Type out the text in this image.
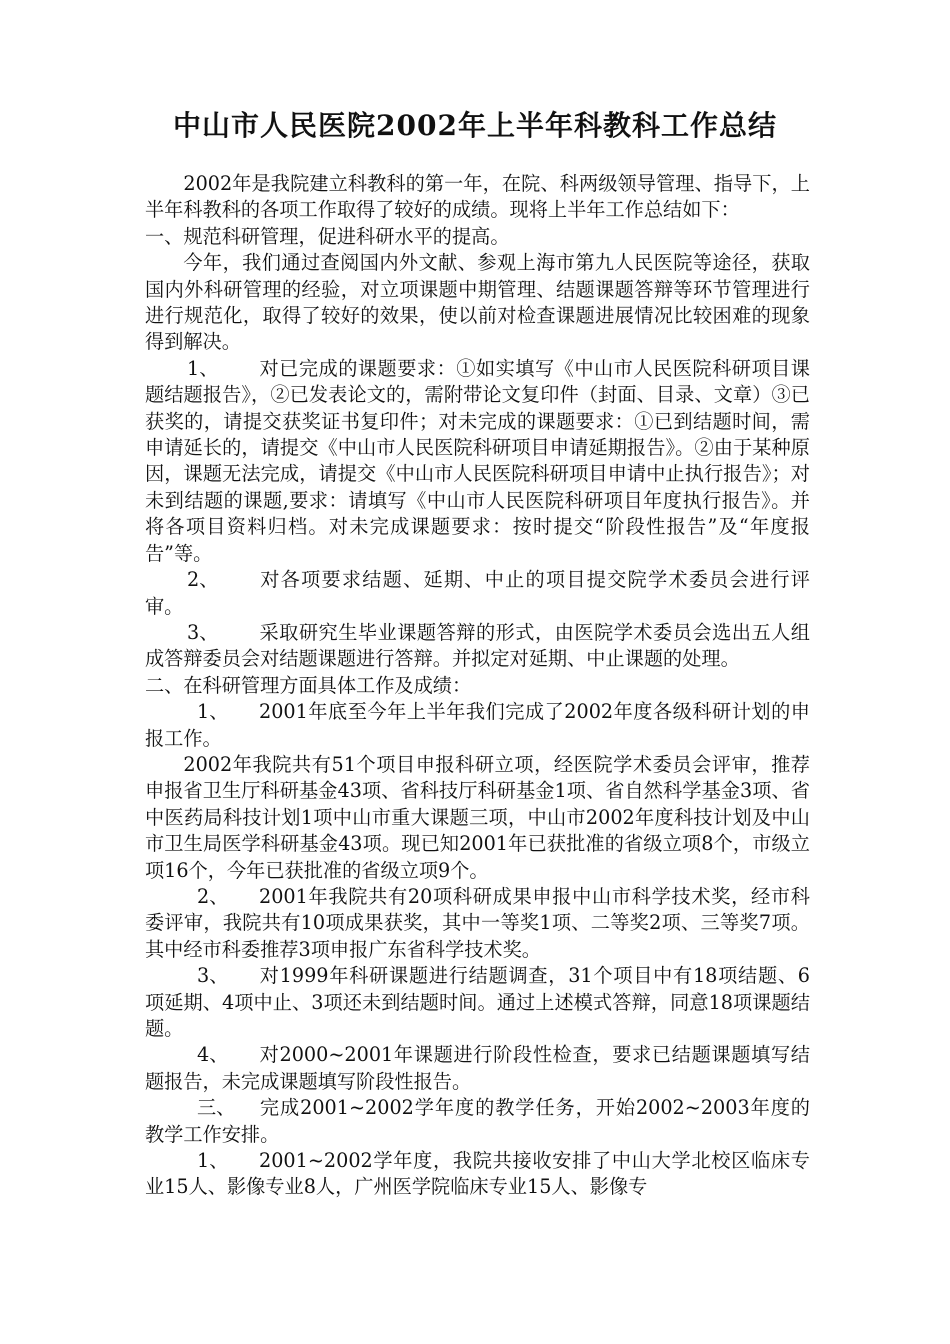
中山市人民医院2002年上半年科教科工作总结

2002年是我院建立科教科的第一年，在院、科两级领导管理、指导下，上半年科教科的各项工作取得了较好的成绩。现将上半年工作总结如下：

一、规范科研管理，促进科研水平的提高。

今年，我们通过查阅国内外文献、参观上海市第九人民医院等途径，获取国内外科研管理的经验，对立项课题中期管理、结题课题答辩等环节管理进行进行规范化，取得了较好的效果，使以前对检查课题进展情况比较困难的现象得到解决。

1、 对已完成的课题要求：①如实填写《中山市人民医院科研项目课题结题报告》，②已发表论文的，需附带论文复印件（封面、目录、文章）③已获奖的，请提交获奖证书复印件；对未完成的课题要求：①已到结题时间，需申请延长的，请提交《中山市人民医院科研项目申请延期报告》。②由于某种原因，课题无法完成，请提交《中山市人民医院科研项目申请中止执行报告》；对未到结题的课题,要求：请填写《中山市人民医院科研项目年度执行报告》。并将各项目资料归档。对未完成课题要求：按时提交“阶段性报告”及“年度报告”等。

2、 对各项要求结题、延期、中止的项目提交院学术委员会进行评审。

3、 采取研究生毕业课题答辩的形式，由医院学术委员会选出五人组成答辩委员会对结题课题进行答辩。并拟定对延期、中止课题的处理。

二、在科研管理方面具体工作及成绩：

1、 2001年底至今年上半年我们完成了2002年度各级科研计划的申报工作。

2002年我院共有51个项目申报科研立项，经医院学术委员会评审，推荐申报省卫生厅科研基金43项、省科技厅科研基金1项、省自然科学基金3项、省中医药局科技计划1项中山市重大课题三项，中山市2002年度科技计划及中山市卫生局医学科研基金43项。现已知2001年已获批准的省级立项8个，市级立项16个，今年已获批准的省级立项9个。

2、 2001年我院共有20项科研成果申报中山市科学技术奖，经市科委评审，我院共有10项成果获奖，其中一等奖1项、二等奖2项、三等奖7项。其中经市科委推荐3项申报广东省科学技术奖。

3、 对1999年科研课题进行结题调查，31个项目中有18项结题、6项延期、4项中止、3项还未到结题时间。通过上述模式答辩，同意18项课题结题。

4、 对2000~2001年课题进行阶段性检查，要求已结题课题填写结题报告，未完成课题填写阶段性报告。

三、 完成2001~2002学年度的教学任务，开始2002~2003年度的教学工作安排。

1、 2001~2002学年度，我院共接收安排了中山大学北校区临床专业15人、影像专业8人，广州医学院临床专业15人、影像专
